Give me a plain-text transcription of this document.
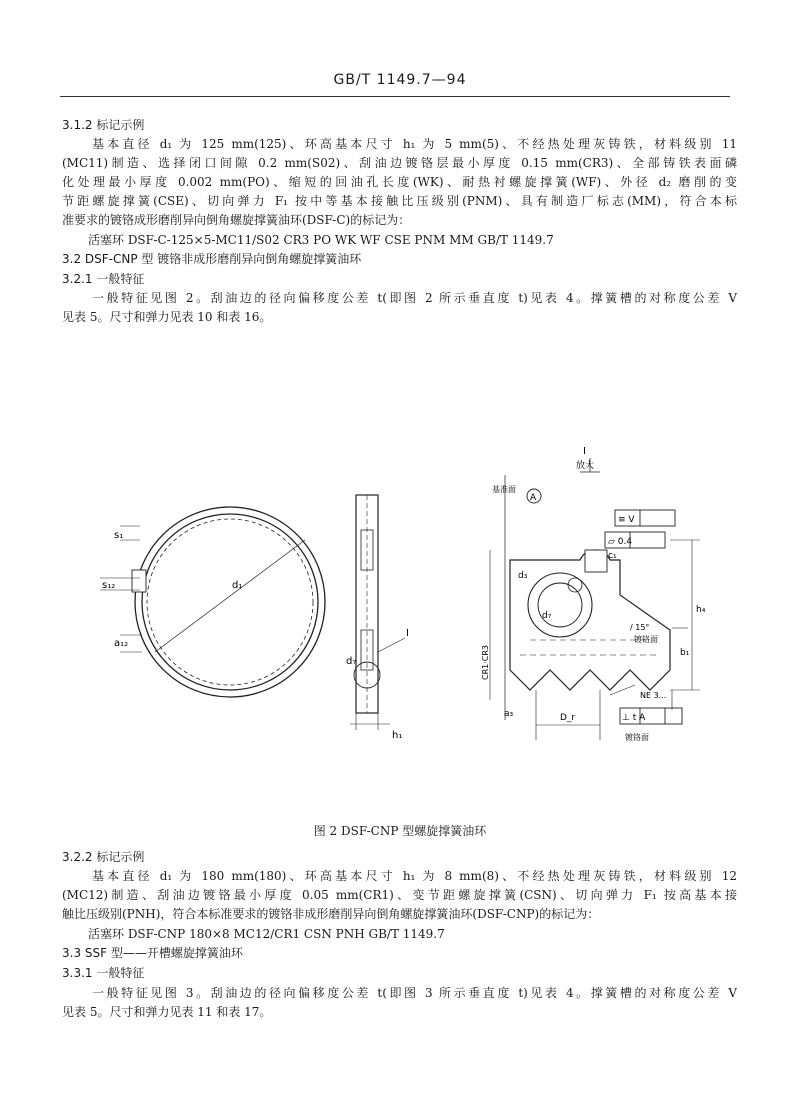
GB/T 1149.7—94
3.1.2 标记示例
基本直径 d₁ 为 125 mm(125)、环高基本尺寸 h₁ 为 5 mm(5)、不经热处理灰铸铁，材料级别 11
(MC11)制造、选择闭口间隙 0.2 mm(S02)、刮油边镀铬层最小厚度 0.15 mm(CR3)、全部铸铁表面磷
化处理最小厚度 0.002 mm(PO)、缩短的回油孔长度(WK)、耐热衬螺旋撑簧(WF)、外径 d₂ 磨削的变
节距螺旋撑簧(CSE)、切向弹力 F₁ 按中等基本接触比压级别(PNM)、具有制造厂标志(MM)，符合本标
准要求的镀铬成形磨削异向倒角螺旋撑簧油环(DSF-C)的标记为：
活塞环 DSF-C-125×5-MC11/S02 CR3 PO WK WF CSE PNM MM GB/T 1149.7
3.2 DSF-CNP 型 镀铬非成形磨削异向倒角螺旋撑簧油环
3.2.1 一般特征
一般特征见图 2。刮油边的径向偏移度公差 t(即图 2 所示垂直度 t)见表 4。撑簧槽的对称度公差 V
见表 5。尺寸和弹力见表 10 和表 16。
s₁
s₁₂
a₁₂
d₁
d₇
h₁
I
I
放大
基准面
A
≡ V
▱ 0.4
c₁
d₃
d₇
h₄
b₁
CR1·CR3
/ 15°
镀铬面
NE 3...
镀铬面
D_r
a₃	⊥ t A
图 2 DSF-CNP 型螺旋撑簧油环
3.2.2 标记示例
基本直径 d₁ 为 180 mm(180)、环高基本尺寸 h₁ 为 8 mm(8)、不经热处理灰铸铁，材料级别 12
(MC12)制造、刮油边镀铬最小厚度 0.05 mm(CR1)、变节距螺旋撑簧(CSN)、切向弹力 F₁ 按高基本接
触比压级别(PNH)，符合本标准要求的镀铬非成形磨削异向倒角螺旋撑簧油环(DSF-CNP)的标记为：
活塞环 DSF-CNP 180×8 MC12/CR1 CSN PNH GB/T 1149.7
3.3 SSF 型——开槽螺旋撑簧油环
3.3.1 一般特征
一般特征见图 3。刮油边的径向偏移度公差 t(即图 3 所示垂直度 t)见表 4。撑簧槽的对称度公差 V
见表 5。尺寸和弹力见表 11 和表 17。
